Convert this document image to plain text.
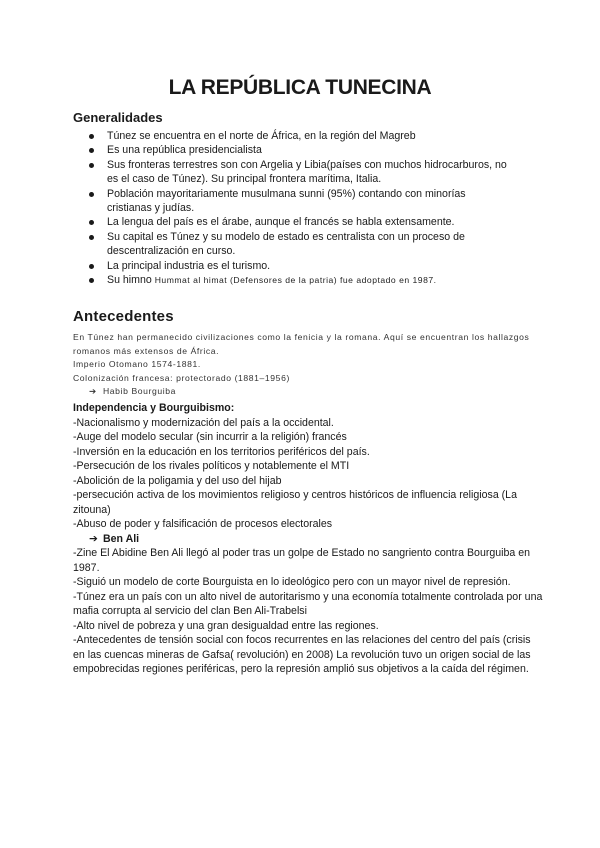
LA REPÚBLICA TUNECINA
Generalidades
Túnez se encuentra en el norte de África, en la región del Magreb
Es una república presidencialista
Sus fronteras terrestres son con Argelia y Libia(países con muchos hidrocarburos, no es el caso de Túnez). Su principal frontera marítima, Italia.
Población mayoritariamente musulmana sunni (95%) contando con minorías cristianas y judías.
La lengua del país es el árabe, aunque el francés se habla extensamente.
Su capital es Túnez y su modelo de estado es centralista con un proceso de descentralización en curso.
La principal industria es el turismo.
Su himno Hummat al himat (Defensores de la patria) fue adoptado en 1987.
Antecedentes

En Túnez han permanecido civilizaciones como la fenicia y la romana. Aquí se encuentran los hallazgos romanos más extensos de África.

Imperio Otomano 1574-1881.

Colonización francesa: protectorado (1881–1956)

➔ Habib Bourguiba

Independencia y Bourguibismo:

-Nacionalismo y modernización del país a la occidental.

-Auge del modelo secular (sin incurrir a la religión) francés

-Inversión en la educación en los territorios periféricos del país.

-Persecución de los rivales políticos y notablemente el MTI

-Abolición de la poligamia y del uso del hijab

-persecución activa de los movimientos religioso y centros históricos de influencia religiosa (La zitouna)

-Abuso de poder y falsificación de procesos electorales

➔ Ben Ali

-Zine El Abidine Ben Ali llegó al poder tras un golpe de Estado no sangriento contra Bourguiba en 1987.

-Siguió un modelo de corte Bourguista en lo ideológico pero con un mayor nivel de represión.

-Túnez era un país con un alto nivel de autoritarismo y una economía totalmente controlada por una mafia corrupta al servicio del clan Ben Ali-Trabelsi

-Alto nivel de pobreza y una gran desigualdad entre las regiones.

-Antecedentes de tensión social con focos recurrentes en las relaciones del centro del país (crisis en las cuencas mineras de Gafsa( revolución) en 2008) La revolución tuvo un origen social de las empobrecidas regiones periféricas, pero la represión amplió sus objetivos a la caída del régimen.
